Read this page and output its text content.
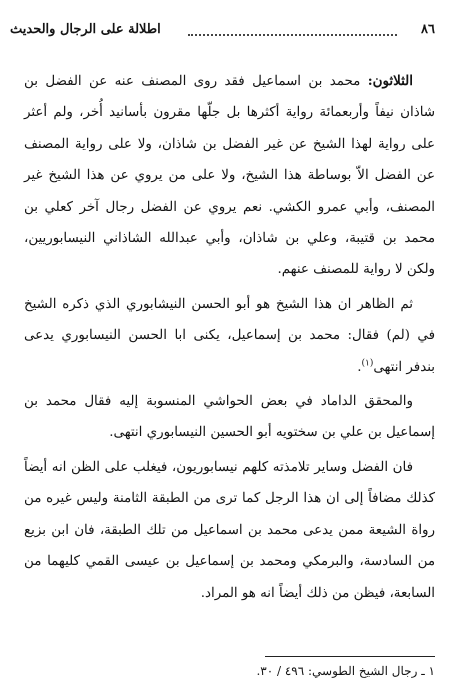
٨٦
اطلالة على الرجال والحديث

الثلاثون: محمد بن اسماعيل فقد روى المصنف عنه عن الفضل بن شاذان نيفاً وأربعمائة رواية أكثرها بل جلّها مقرون بأسانيد أُخر، ولم أعثر على رواية لهذا الشيخ عن غير الفضل بن شاذان، ولا على رواية المصنف عن الفضل الاّ بوساطة هذا الشيخ، ولا على من يروي عن هذا الشيخ غير المصنف، وأبي عمرو الكشي. نعم يروي عن الفضل رجال آخر كعلي بن محمد بن قتيبة، وعلي بن شاذان، وأبي عبدالله الشاذاني النيسابوريين، ولكن لا رواية للمصنف عنهم.

ثم الظاهر ان هذا الشيخ هو أبو الحسن النيشابوري الذي ذكره الشيخ في (لم) فقال: محمد بن إسماعيل، يكنى ابا الحسن النيسابوري يدعى بندفر انتهى$^{(١)}$.

والمحقق الداماد في بعض الحواشي المنسوبة إليه فقال محمد بن إسماعيل بن علي بن سختويه أبو الحسين النيسابوري انتهى.

فان الفضل وساير تلامذته كلهم نيسابوريون، فيغلب على الظن انه أيضاً كذلك مضافاً إلى ان هذا الرجل كما ترى من الطبقة الثامنة وليس غيره من رواة الشيعة ممن يدعى محمد بن اسماعيل من تلك الطبقة، فان ابن بزيع من السادسة، والبرمكي ومحمد بن إسماعيل بن عيسى القمي كليهما من السابعة، فيظن من ذلك أيضاً انه هو المراد.

١ ـ رجال الشيخ الطوسي: ٤٩٦ / ٣٠.
